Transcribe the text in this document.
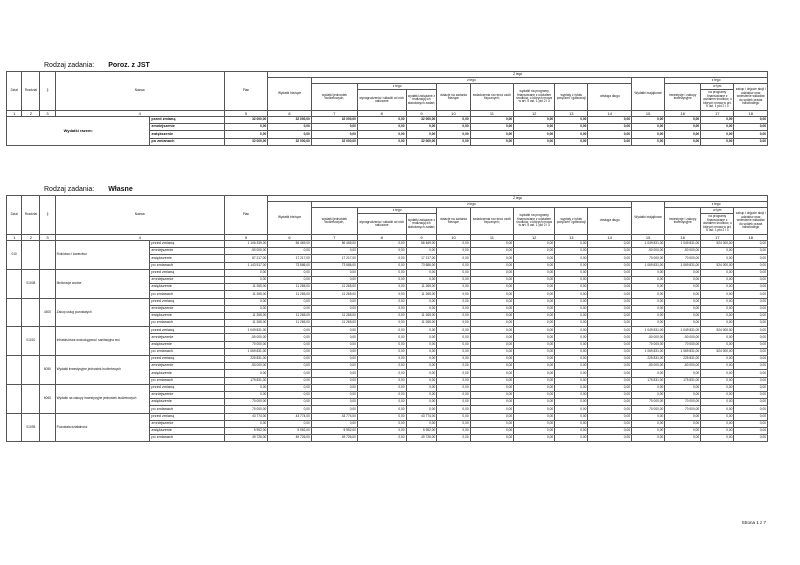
Rodzaj zadania: Poroz. z JST
Dział	Rozdział	§	Nazwa		Plan	Z tego												
						Wydatki bieżące	z tego								Wydatki majątkowe	z tego		
							wydatki jednostek budżetowych,	z tego		dotacje na zadania bieżące	świadczenia na rzecz osób fizycznych;	wydatki na programy finansowane z udziałem środków, o których mowa w art. 5 ust. 1 pkt 2 i 3	wypłaty z tytułu poręczeń i gwarancji	obsługa długu		inwestycje i zakupy inwestycyjne	w tym	zakup i objęcie akcji i udziałów oraz wniesienie wkładów do spółek prawa handlowego
								wynagrodzenia i składki od nich naliczane	wydatki związane z realizacją ich statutowych zadań;								na programy finansowane z udziałem środków, o których mowa w art. 5 ust. 1 pkt 2 i 3	

1	2	3	4		5	6	7	8	9	10	11	12	13	14	15	16	17	18
Wydatki razem:				przed zmianą	32 000,00	32 000,00	32 000,00	0,00	32 000,00	0,00	0,00	0,00	0,00	0,00	0,00	0,00	0,00	0,00
				zmniejszenie	0,00	0,00	0,00	0,00	0,00	0,00	0,00	0,00	0,00	0,00	0,00	0,00	0,00	0,00
				zwiększenie	0,00	0,00	0,00	0,00	0,00	0,00	0,00	0,00	0,00	0,00	0,00	0,00	0,00	0,00
				po zmianach	32 000,00	32 000,00	32 000,00	0,00	32 000,00	0,00	0,00	0,00	0,00	0,00	0,00	0,00	0,00	0,00
Rodzaj zadania: Własne
Dział	Rozdział	§	Nazwa		Plan	Z tego												
						Wydatki bieżące	z tego								Wydatki majątkowe	z tego		
							wydatki jednostek budżetowych,	z tego		dotacje na zadania bieżące	świadczenia na rzecz osób fizycznych;	wydatki na programy finansowane z udziałem środków, o których mowa w art. 5 ust. 1 pkt 2 i 3	wypłaty z tytułu poręczeń i gwarancji	obsługa długu		inwestycje i zakupy inwestycyjne	w tym	zakup i objęcie akcji i udziałów oraz wniesienie wkładów do spółek prawa handlowego
								wynagrodzenia i składki od nich naliczane	wydatki związane z realizacją ich statutowych zadań;								na programy finansowane z udziałem środków, o których mowa w art. 5 ust. 1 pkt 2 i 3	

1	2	3	4		5	6	7	8	9	10	11	12	13	14	15	16	17	18
010			Rolnictwo i łowiectwo	przed zmianą	1 106 339,00	56 469,00	56 469,00	0,00	56 469,00	0,00	0,00	0,00	0,00	0,00	1 049 831,00	1 049 831,00	524 000,00	0,00
				zmniejszenie	-50 000,00	0,00	0,00	0,00	0,00	0,00	0,00	0,00	0,00	0,00	-50 000,00	-50 000,00	0,00	0,00
				zwiększenie	87 217,00	17 217,00	17 217,00	0,00	17 217,00	0,00	0,00	0,00	0,00	0,00	70 000,00	70 000,00	0,00	0,00
				po zmianach	1 143 517,00	73 686,00	73 686,00	0,00	73 686,00	0,00	0,00	0,00	0,00	0,00	1 069 831,00	1 069 831,00	524 000,00	0,00
	01008		Melioracje wodne	przed zmianą	0,00	0,00	0,00	0,00	0,00	0,00	0,00	0,00	0,00	0,00	0,00	0,00	0,00	0,00
				zmniejszenie	0,00	0,00	0,00	0,00	0,00	0,00	0,00	0,00	0,00	0,00	0,00	0,00	0,00	0,00
				zwiększenie	11 265,00	11 265,00	11 265,00	0,00	11 265,00	0,00	0,00	0,00	0,00	0,00	0,00	0,00	0,00	0,00
				po zmianach	11 265,00	11 265,00	11 265,00	0,00	11 265,00	0,00	0,00	0,00	0,00	0,00	0,00	0,00	0,00	0,00
		4300	Zakup usług pozostałych	przed zmianą	0,00	0,00	0,00	0,00	0,00	0,00	0,00	0,00	0,00	0,00	0,00	0,00	0,00	0,00
				zmniejszenie	0,00	0,00	0,00	0,00	0,00	0,00	0,00	0,00	0,00	0,00	0,00	0,00	0,00	0,00
				zwiększenie	11 265,00	11 265,00	11 265,00	0,00	11 265,00	0,00	0,00	0,00	0,00	0,00	0,00	0,00	0,00	0,00
				po zmianach	11 265,00	11 265,00	11 265,00	0,00	11 265,00	0,00	0,00	0,00	0,00	0,00	0,00	0,00	0,00	0,00
	01010		Infrastruktura wodociągowa i sanitacyjna wsi	przed zmianą	1 049 831,00	0,00	0,00	0,00	0,00	0,00	0,00	0,00	0,00	0,00	1 049 831,00	1 049 831,00	524 000,00	0,00
				zmniejszenie	-50 000,00	0,00	0,00	0,00	0,00	0,00	0,00	0,00	0,00	0,00	-50 000,00	-50 000,00	0,00	0,00
				zwiększenie	70 000,00	0,00	0,00	0,00	0,00	0,00	0,00	0,00	0,00	0,00	70 000,00	70 000,00	0,00	0,00
				po zmianach	1 069 831,00	0,00	0,00	0,00	0,00	0,00	0,00	0,00	0,00	0,00	1 069 831,00	1 069 831,00	524 000,00	0,00
		6050	Wydatki inwestycyjne jednostek budżetowych	przed zmianą	225 831,00	0,00	0,00	0,00	0,00	0,00	0,00	0,00	0,00	0,00	225 831,00	225 831,00	0,00	0,00
				zmniejszenie	-50 000,00	0,00	0,00	0,00	0,00	0,00	0,00	0,00	0,00	0,00	-50 000,00	-50 000,00	0,00	0,00
				zwiększenie	0,00	0,00	0,00	0,00	0,00	0,00	0,00	0,00	0,00	0,00	0,00	0,00	0,00	0,00
				po zmianach	175 831,00	0,00	0,00	0,00	0,00	0,00	0,00	0,00	0,00	0,00	175 831,00	175 831,00	0,00	0,00
		6060	Wydatki na zakupy inwestycyjne jednostek budżetowych	przed zmianą	0,00	0,00	0,00	0,00	0,00	0,00	0,00	0,00	0,00	0,00	0,00	0,00	0,00	0,00
				zmniejszenie	0,00	0,00	0,00	0,00	0,00	0,00	0,00	0,00	0,00	0,00	0,00	0,00	0,00	0,00
				zwiększenie	70 000,00	0,00	0,00	0,00	0,00	0,00	0,00	0,00	0,00	0,00	70 000,00	70 000,00	0,00	0,00
				po zmianach	70 000,00	0,00	0,00	0,00	0,00	0,00	0,00	0,00	0,00	0,00	70 000,00	70 000,00	0,00	0,00
	01095		Pozostała działalność	przed zmianą	43 774,00	43 774,00	43 774,00	0,00	43 774,00	0,00	0,00	0,00	0,00	0,00	0,00	0,00	0,00	0,00
				zmniejszenie	0,00	0,00	0,00	0,00	0,00	0,00	0,00	0,00	0,00	0,00	0,00	0,00	0,00	0,00
				zwiększenie	5 952,00	5 952,00	5 952,00	0,00	5 952,00	0,00	0,00	0,00	0,00	0,00	0,00	0,00	0,00	0,00
				po zmianach	49 726,00	49 726,00	49 726,00	0,00	49 726,00	0,00	0,00	0,00	0,00	0,00	0,00	0,00	0,00	0,00
Strona 1 z 7
